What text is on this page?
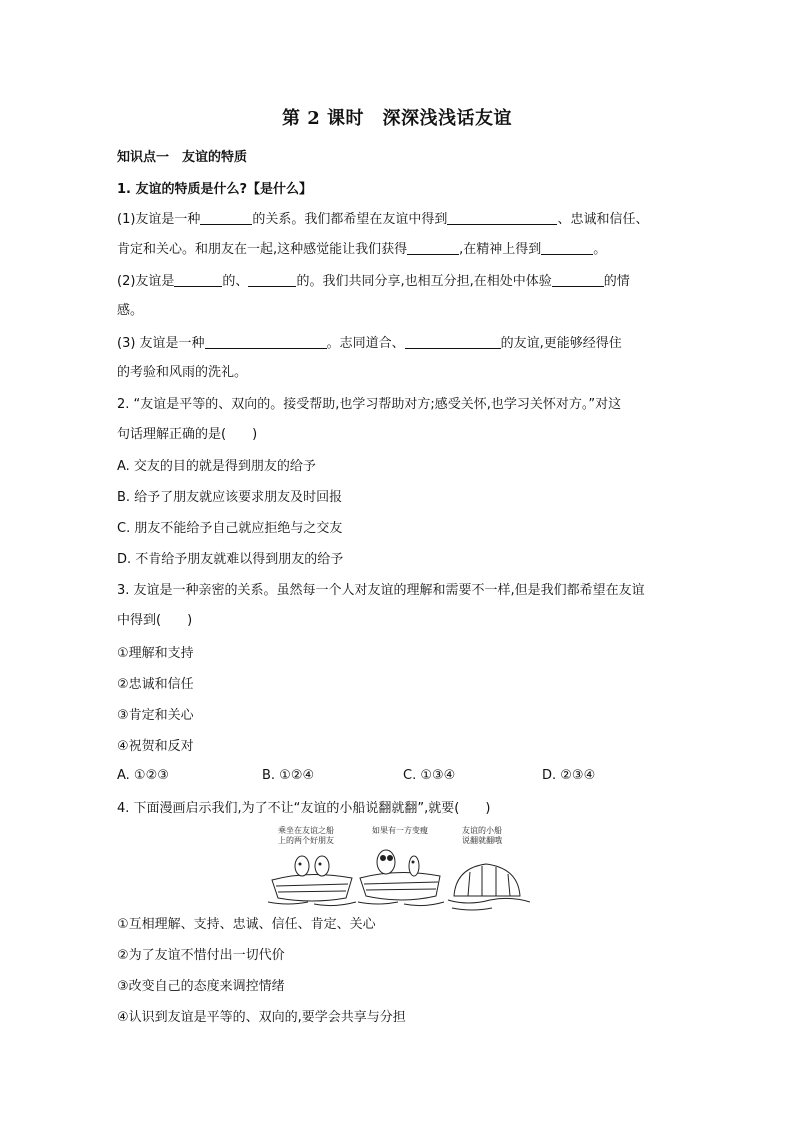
第 2 课时　深深浅浅话友谊
知识点一　友谊的特质
1. 友谊的特质是什么?【是什么】
(1)友谊是一种	的关系。我们都希望在友谊中得到	、忠诚和信任、
肯定和关心。和朋友在一起,这种感觉能让我们获得	,在精神上得到	。
(2)友谊是	的、	的。我们共同分享,也相互分担,在相处中体验	的情
感。
(3) 友谊是一种	。志同道合、	的友谊,更能够经得住
的考验和风雨的洗礼。
2. “友谊是平等的、双向的。接受帮助,也学习帮助对方;感受关怀,也学习关怀对方。”对这
句话理解正确的是(　　)
A. 交友的目的就是得到朋友的给予
B. 给予了朋友就应该要求朋友及时回报
C. 朋友不能给予自己就应拒绝与之交友
D. 不肯给予朋友就难以得到朋友的给予
3. 友谊是一种亲密的关系。虽然每一个人对友谊的理解和需要不一样,但是我们都希望在友谊
中得到(　　)
①理解和支持
②忠诚和信任
③肯定和关心
④祝贺和反对
A. ①②③	B. ①②④	C. ①③④	D. ②③④
4. 下面漫画启示我们,为了不让“友谊的小船说翻就翻”,就要(　　)
乘坐在友谊之船
上的两个好朋友
如果有一方变瘦	友谊的小船
说翻就翻哦
①互相理解、支持、忠诚、信任、肯定、关心
②为了友谊不惜付出一切代价
③改变自己的态度来调控情绪
④认识到友谊是平等的、双向的,要学会共享与分担
